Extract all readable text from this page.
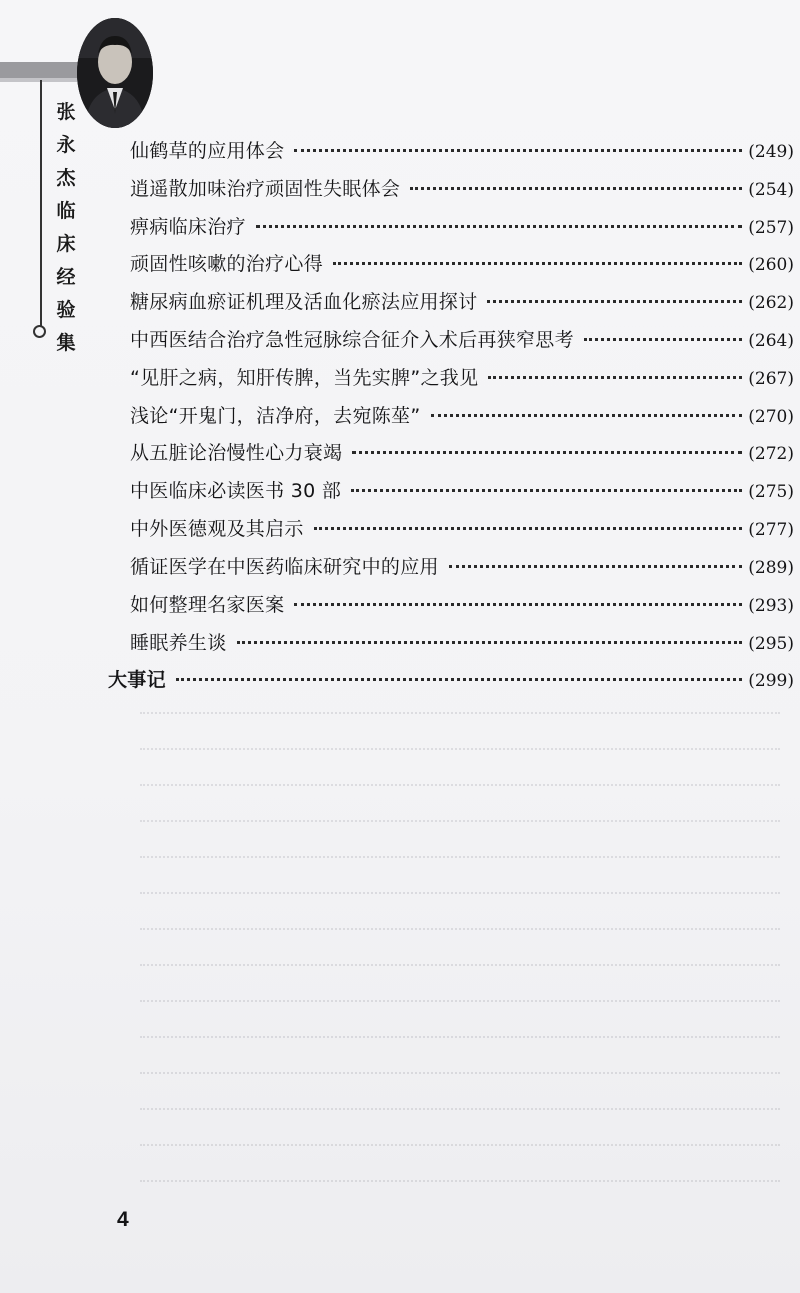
张
永
杰
临
床
经
验
集
仙鹤草的应用体会	(249)
逍遥散加味治疗顽固性失眠体会	(254)
痹病临床治疗	(257)
顽固性咳嗽的治疗心得	(260)
糖尿病血瘀证机理及活血化瘀法应用探讨	(262)
中西医结合治疗急性冠脉综合征介入术后再狭窄思考	(264)
“见肝之病，知肝传脾，当先实脾”之我见	(267)
浅论“开鬼门，洁净府，去宛陈莝”	(270)
从五脏论治慢性心力衰竭	(272)
中医临床必读医书 30 部	(275)
中外医德观及其启示	(277)
循证医学在中医药临床研究中的应用	(289)
如何整理名家医案	(293)
睡眠养生谈	(295)
大事记	(299)
4
